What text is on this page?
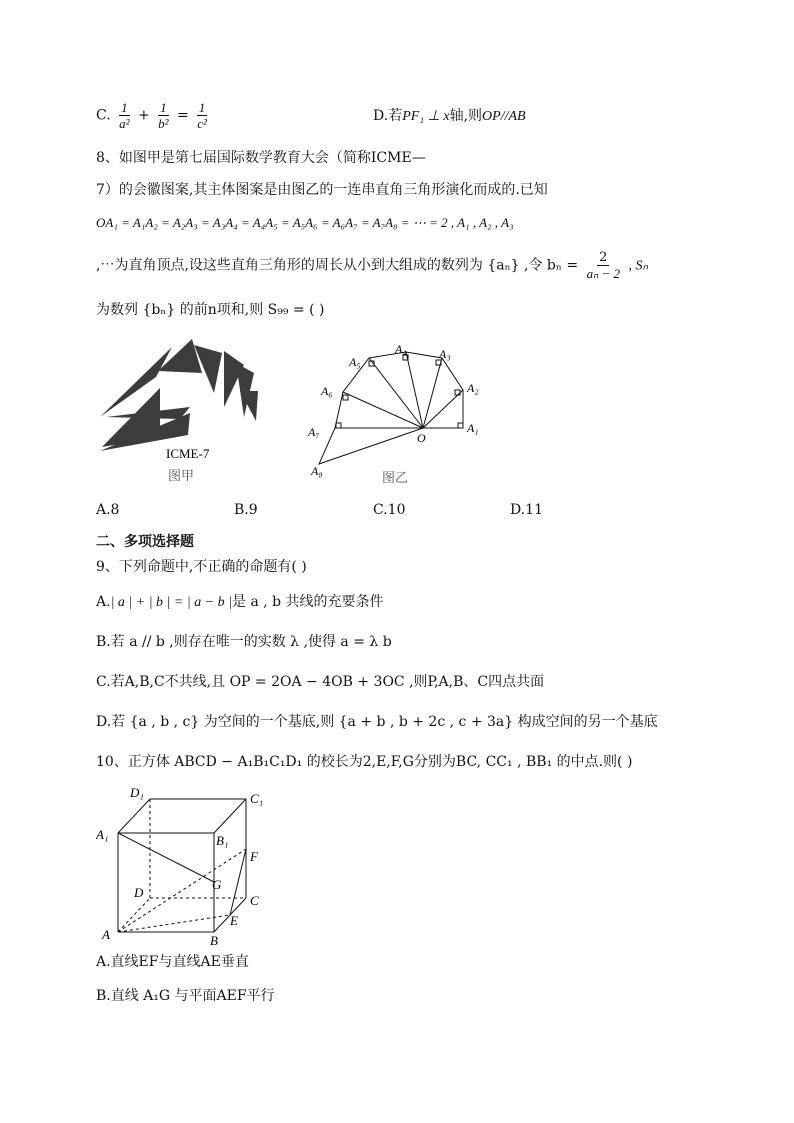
C. $\frac{1}{\text{a²}} + \frac{1}{\text{b²}} = \frac{1}{\text{c²}}$	D.若PF₁ ⊥ x轴,则OP//AB
8、如图甲是第七届国际数学教育大会（简称ICME—
7）的会徽图案,其主体图案是由图乙的一连串直角三角形演化而成的.已知
OA₁ = A₁A₂ = A₂A₃ = A₃A₄ = A₄A₅ = A₅A₆ = A₆A₇ = A₇A₈ = ⋯ = 2 , A₁ , A₂ , A₃
,⋯为直角顶点,设这些直角三角形的周长从小到大组成的数列为 {aₙ} ,令 $b_n = \frac{2}{\text{aₙ − 2}}$ , Sₙ
为数列 {bₙ} 的前n项和,则 S₉₉ = ( )
ICME-7
图甲
A₁
A₂
A₃
A₄
A₅
A₆
A₇
A₈
O
图乙
A.8	B.9	C.10	D.11
二、多项选择题
9、下列命题中,不正确的命题有( )
A.| a | + | b | = | a − b |是 a , b 共线的充要条件
B.若 a // b ,则存在唯一的实数 λ ,使得 a = λ b
C.若A,B,C不共线,且 OP = 2OA − 4OB + 3OC ,则P,A,B、C四点共面
D.若 {a , b , c} 为空间的一个基底,则 {a + b , b + 2c , c + 3a} 构成空间的另一个基底
10、正方体 ABCD − A₁B₁C₁D₁ 的校长为2,E,F,G分别为BC, CC₁ , BB₁ 的中点.则( )
D₁	C₁
A₁	B₁
F
G
D
C
E
A	B
A.直线EF与直线AE垂直
B.直线 A₁G 与平面AEF平行
